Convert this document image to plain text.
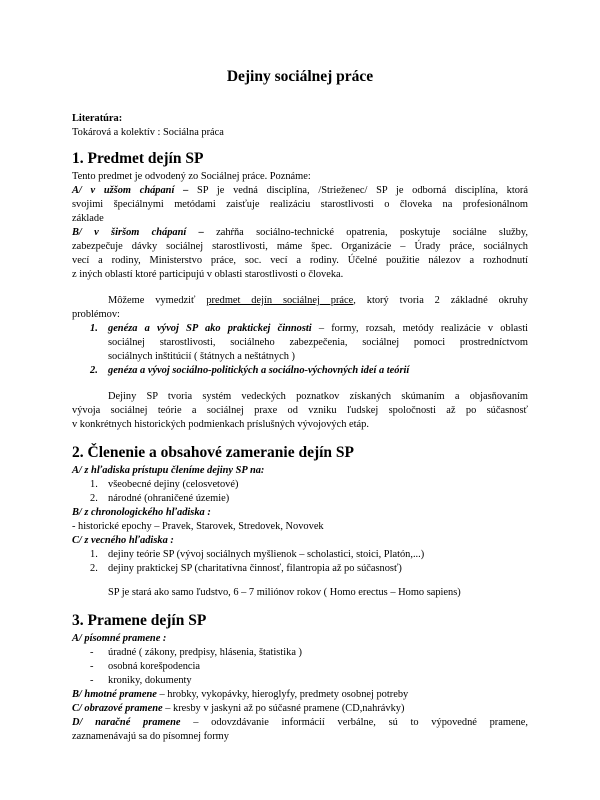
Dejiny sociálnej práce
Literatúra:
Tokárová a kolektív : Sociálna práca
1. Predmet dejín SP
Tento predmet je odvodený zo Sociálnej práce. Poznáme:
A/ v užšom chápaní – SP je vedná disciplína, /Strieženec/ SP je odborná disciplína, ktorá
svojimi špeciálnymi metódami zaisťuje realizáciu starostlivosti o človeka na profesionálnom
základe
B/ v širšom chápaní – zahŕňa sociálno-technické opatrenia, poskytuje sociálne služby,
zabezpečuje dávky sociálnej starostlivosti, máme špec. Organizácie – Úrady práce, sociálnych
vecí a rodiny, Ministerstvo práce, soc. vecí a rodiny. Účelné použitie nálezov a rozhodnutí
z iných oblastí ktoré participujú v oblasti starostlivosti o človeka.
Môžeme vymedziť predmet dejín sociálnej práce, ktorý tvoria 2 základné okruhy
problémov:
1. genéza a vývoj SP ako praktickej činnosti – formy, rozsah, metódy realizácie v oblasti
sociálnej starostlivosti, sociálneho zabezpečenia, sociálnej pomoci prostredníctvom
sociálnych inštitúcií ( štátnych a neštátnych )
2. genéza a vývoj sociálno-politických a sociálno-výchovných ideí a teórií
Dejiny SP tvoria systém vedeckých poznatkov získaných skúmaním a objasňovaním
vývoja sociálnej teórie a sociálnej praxe od vzniku ľudskej spoločnosti až po súčasnosť
v konkrétnych historických podmienkach príslušných vývojových etáp.
2. Členenie a obsahové zameranie dejín SP
A/ z hľadiska prístupu členíme dejiny SP na:
1. všeobecné dejiny (celosvetové)
2. národné (ohraničené územie)
B/ z chronologického hľadiska :
- historické epochy – Pravek, Starovek, Stredovek, Novovek
C/ z vecného hľadiska :
1. dejiny teórie SP (vývoj sociálnych myšlienok – scholastici, stoici, Platón,...)
2. dejiny praktickej SP (charitatívna činnosť, filantropia až po súčasnosť)
SP je stará ako samo ľudstvo, 6 – 7 miliónov rokov ( Homo erectus – Homo sapiens)
3. Pramene dejín SP
A/ písomné pramene :
- úradné ( zákony, predpisy, hlásenia, štatistika )
- osobná korešpodencia
- kroniky, dokumenty
B/ hmotné pramene – hrobky, vykopávky, hieroglyfy, predmety osobnej potreby
C/ obrazové pramene – kresby v jaskyni až po súčasné pramene (CD,nahrávky)
D/ naračné pramene – odovzdávanie informácií verbálne, sú to výpovedné pramene,
zaznamenávajú sa do písomnej formy
